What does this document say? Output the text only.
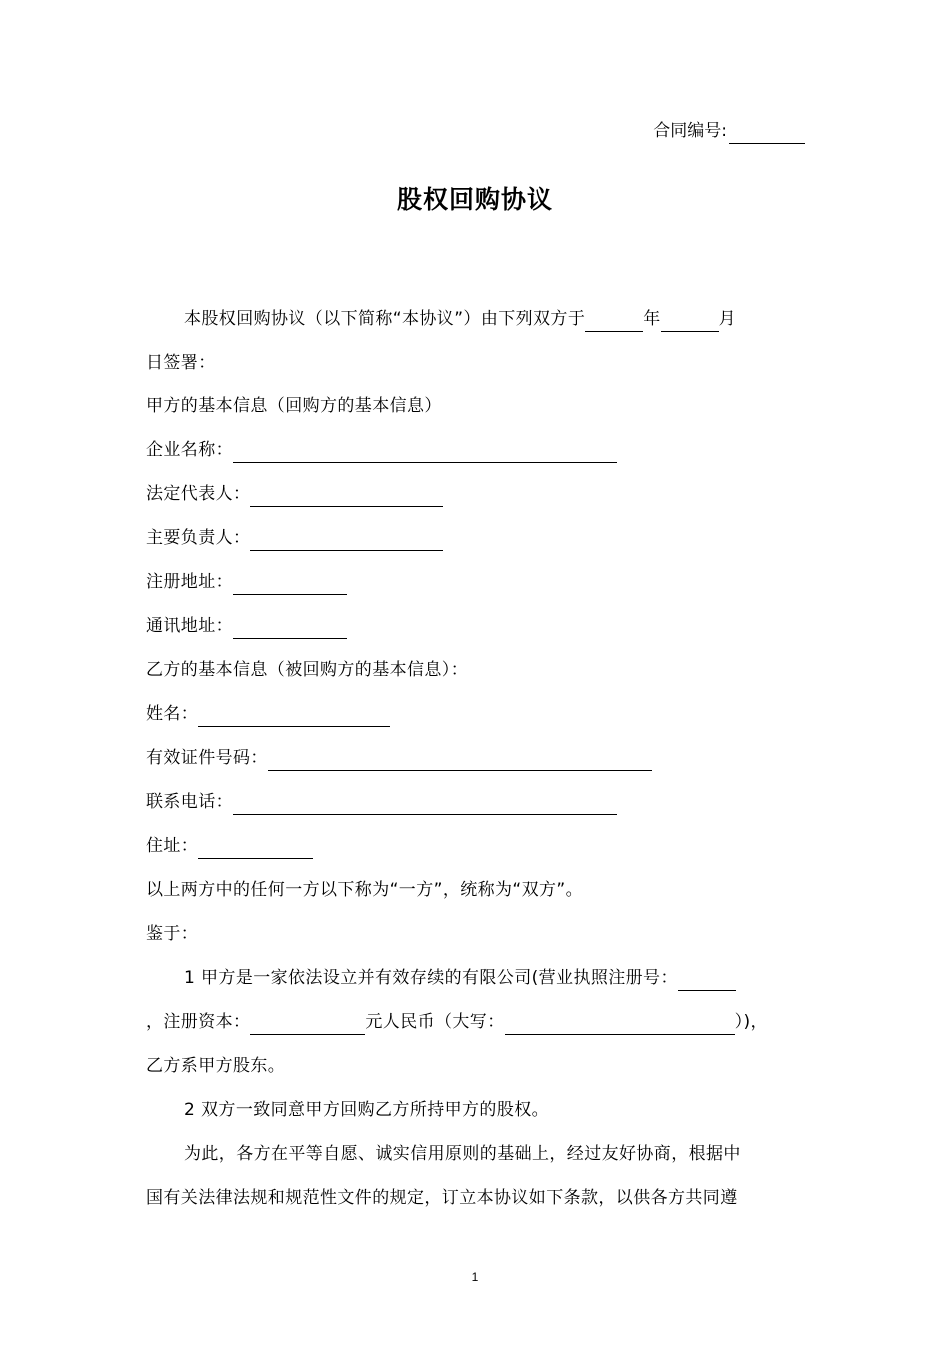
合同编号:
股权回购协议
本股权回购协议（以下简称“本协议”）由下列双方于	年	月
日签署：
甲方的基本信息（回购方的基本信息）
企业名称：
法定代表人：
主要负责人：
注册地址：
通讯地址：
乙方的基本信息（被回购方的基本信息）：
姓名：
有效证件号码：
联系电话：
住址：
以上两方中的任何一方以下称为“一方”，统称为“双方”。
鉴于：
1 甲方是一家依法设立并有效存续的有限公司(营业执照注册号：
，注册资本：	元人民币（大写：	）)，
乙方系甲方股东。
2 双方一致同意甲方回购乙方所持甲方的股权。
为此，各方在平等自愿、诚实信用原则的基础上，经过友好协商，根据中
国有关法律法规和规范性文件的规定，订立本协议如下条款，以供各方共同遵
1
